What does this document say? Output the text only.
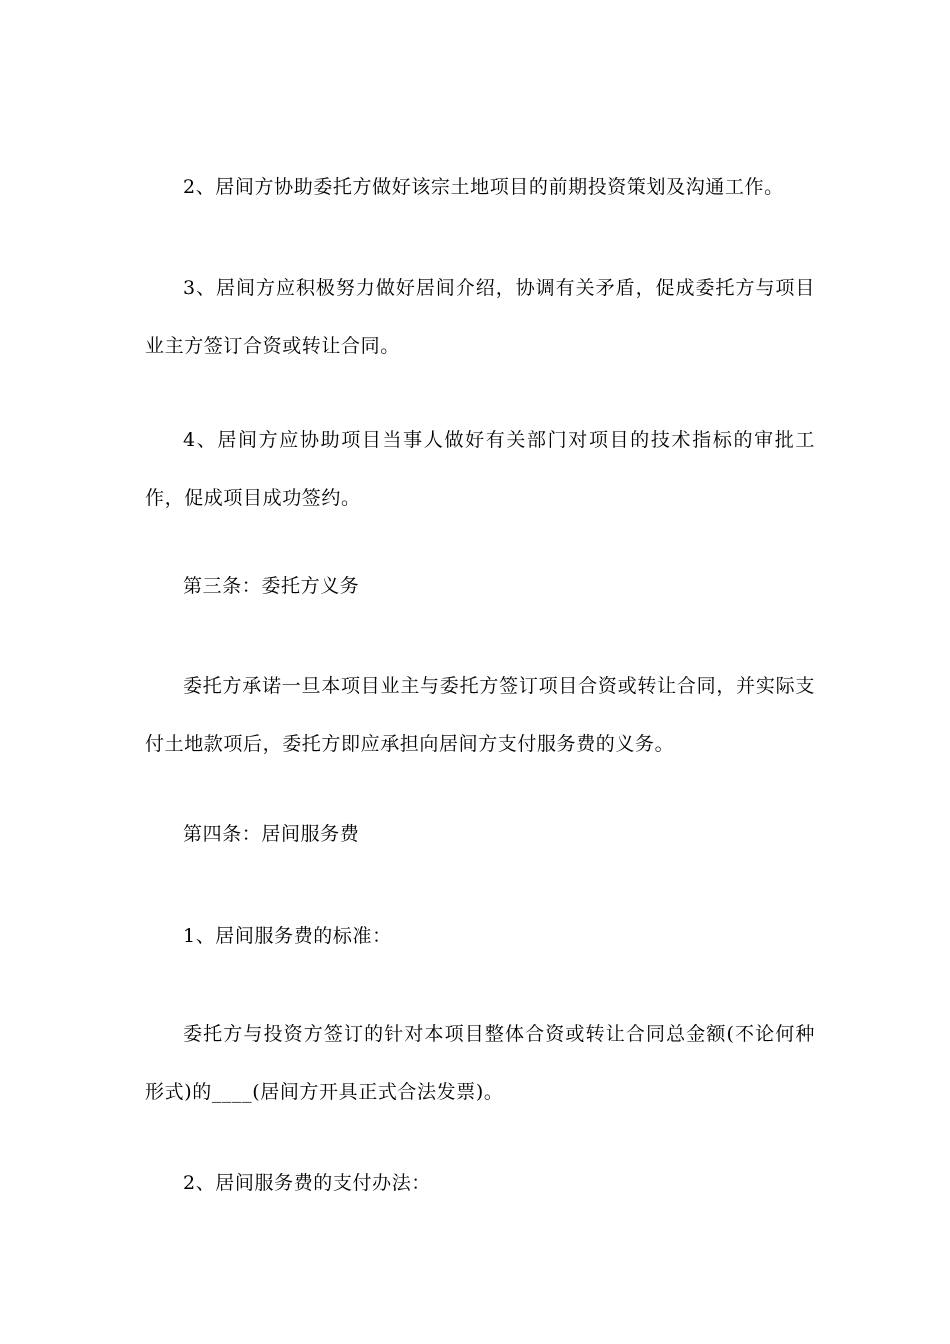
2、居间方协助委托方做好该宗土地项目的前期投资策划及沟通工作。

3、居间方应积极努力做好居间介绍，协调有关矛盾，促成委托方与项目业主方签订合资或转让合同。

4、居间方应协助项目当事人做好有关部门对项目的技术指标的审批工作，促成项目成功签约。

第三条：委托方义务

委托方承诺一旦本项目业主与委托方签订项目合资或转让合同，并实际支付土地款项后，委托方即应承担向居间方支付服务费的义务。

第四条：居间服务费

1、居间服务费的标准：

委托方与投资方签订的针对本项目整体合资或转让合同总金额(不论何种形式)的____(居间方开具正式合法发票)。

2、居间服务费的支付办法：
